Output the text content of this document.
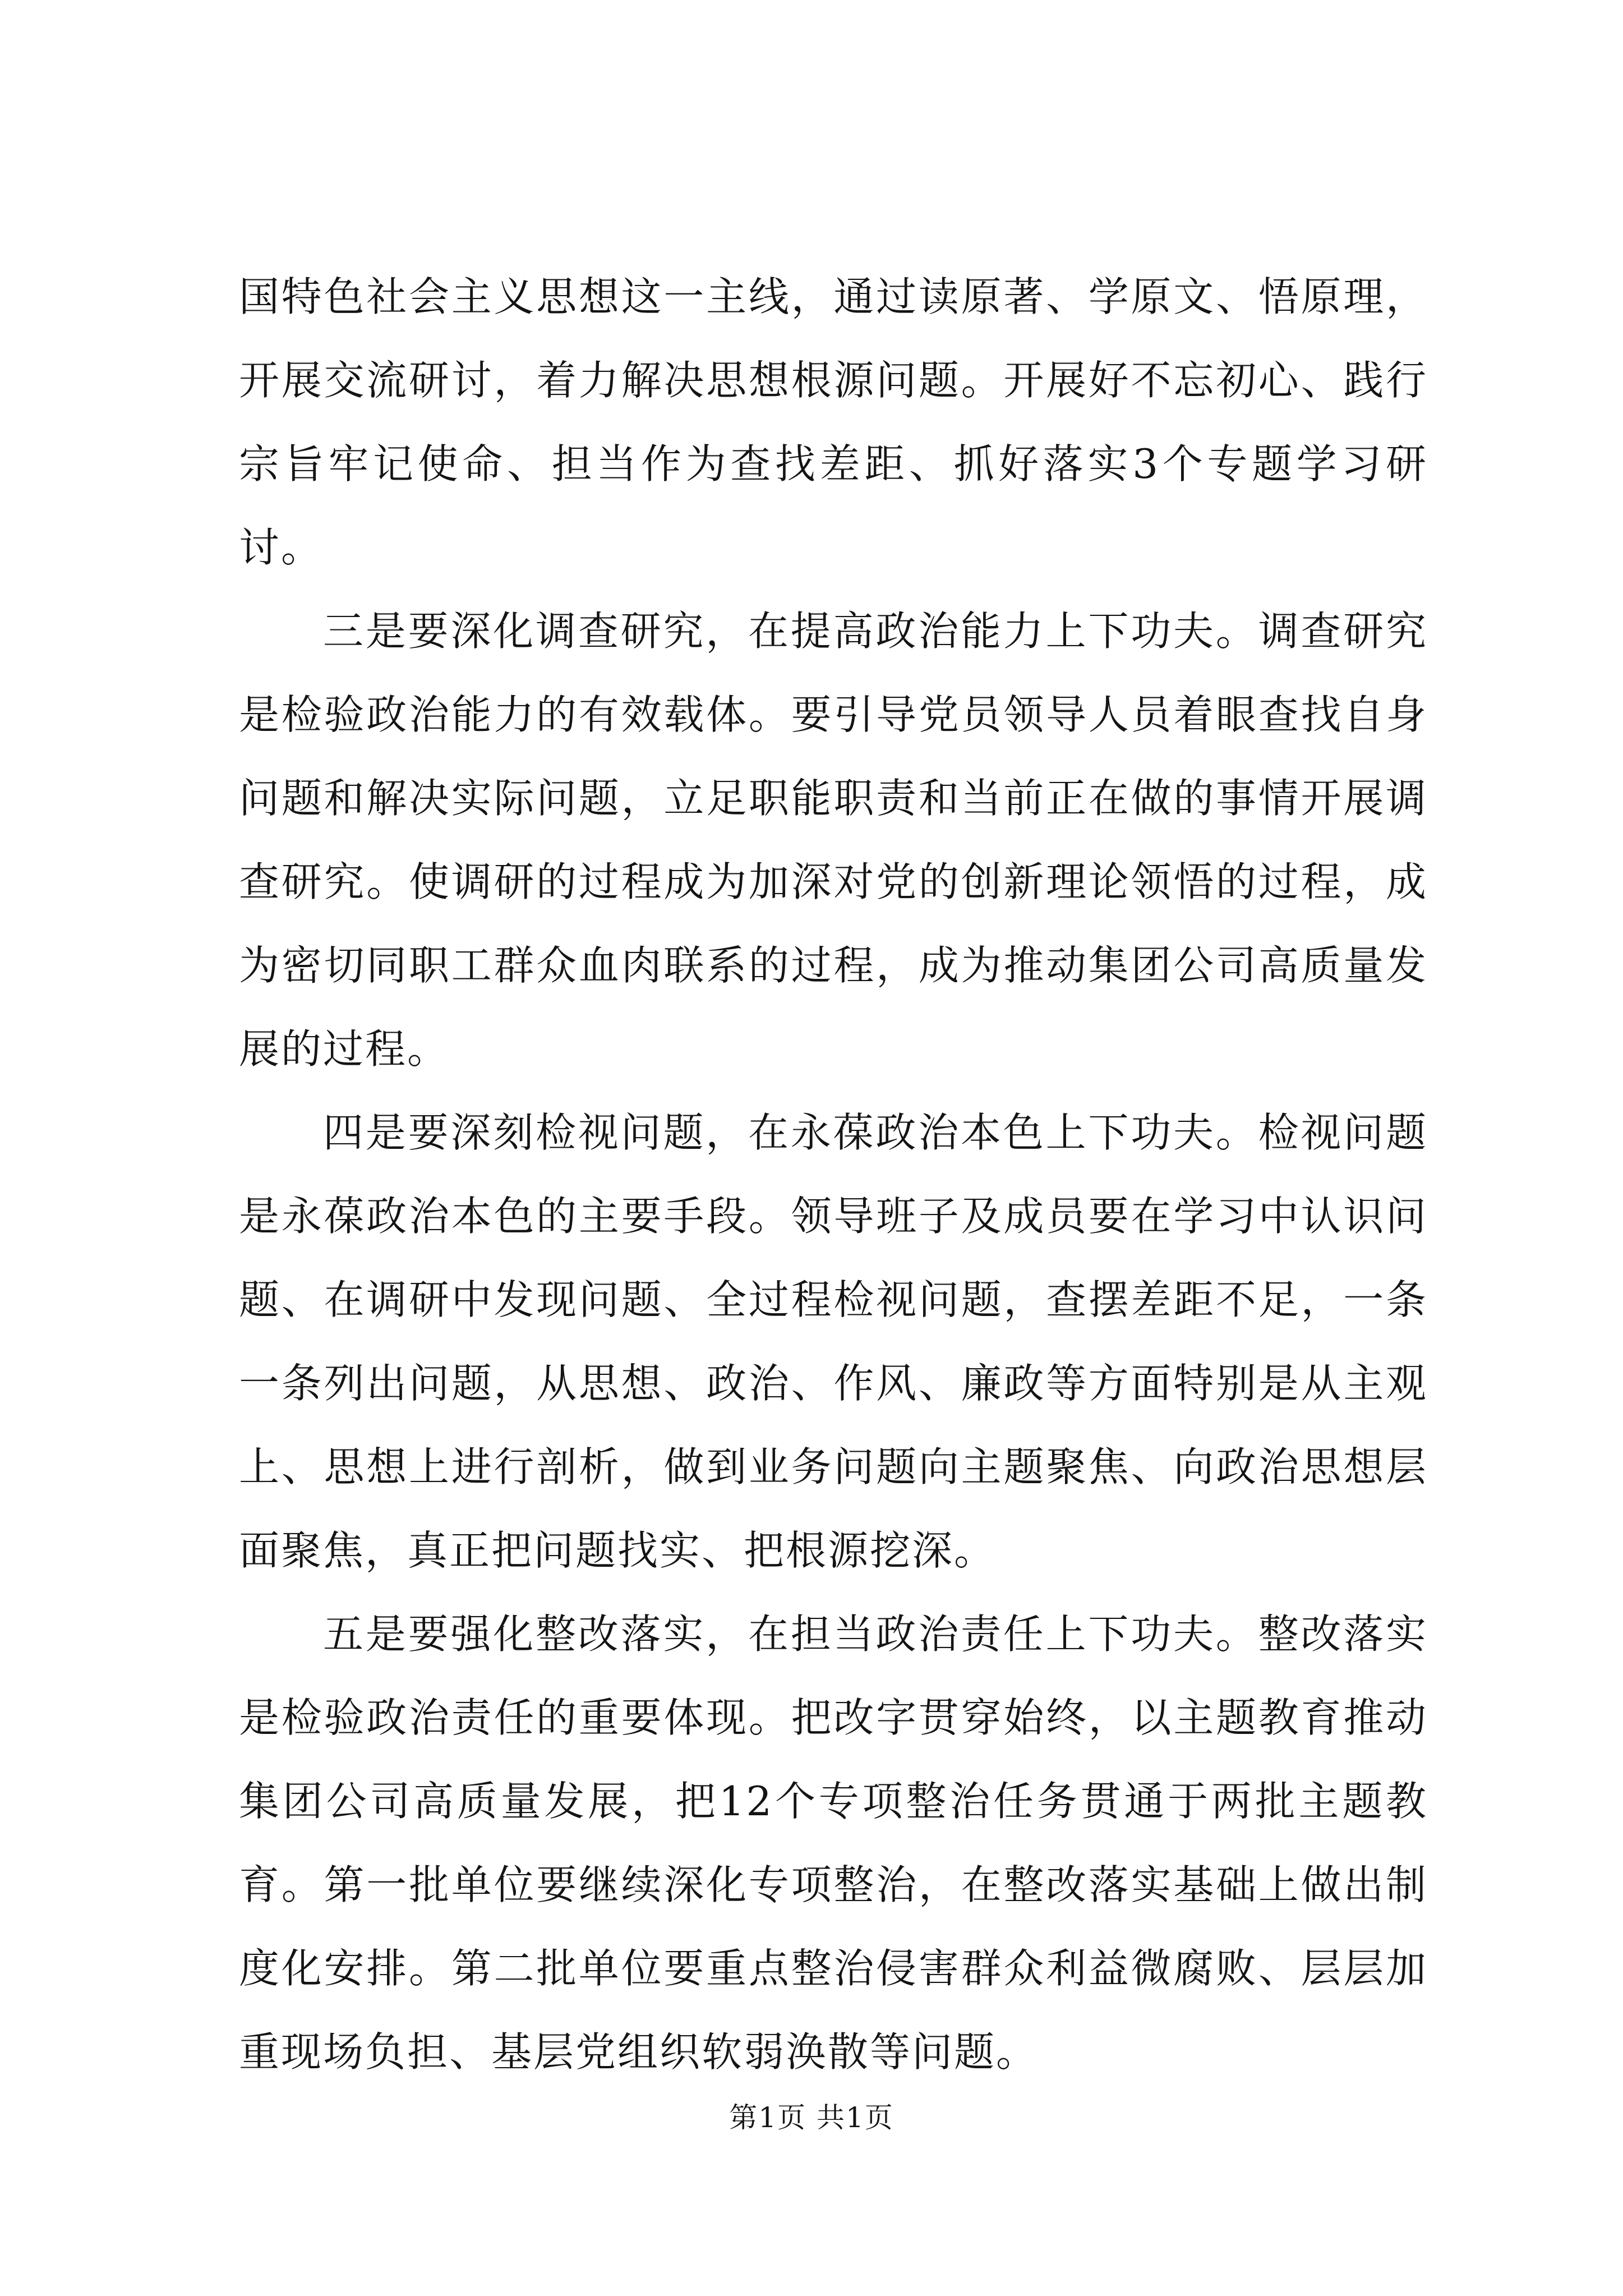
国特色社会主义思想这一主线，通过读原著、学原文、悟原理，开展交流研讨，着力解决思想根源问题。开展好不忘初心、践行宗旨牢记使命、担当作为查找差距、抓好落实3个专题学习研讨。

三是要深化调查研究，在提高政治能力上下功夫。调查研究是检验政治能力的有效载体。要引导党员领导人员着眼查找自身问题和解决实际问题，立足职能职责和当前正在做的事情开展调查研究。使调研的过程成为加深对党的创新理论领悟的过程，成为密切同职工群众血肉联系的过程，成为推动集团公司高质量发展的过程。

四是要深刻检视问题，在永葆政治本色上下功夫。检视问题是永葆政治本色的主要手段。领导班子及成员要在学习中认识问题、在调研中发现问题、全过程检视问题，查摆差距不足，一条一条列出问题，从思想、政治、作风、廉政等方面特别是从主观上、思想上进行剖析，做到业务问题向主题聚焦、向政治思想层面聚焦，真正把问题找实、把根源挖深。

五是要强化整改落实，在担当政治责任上下功夫。整改落实是检验政治责任的重要体现。把改字贯穿始终，以主题教育推动集团公司高质量发展，把12个专项整治任务贯通于两批主题教育。第一批单位要继续深化专项整治，在整改落实基础上做出制度化安排。第二批单位要重点整治侵害群众利益微腐败、层层加重现场负担、基层党组织软弱涣散等问题。

第1页 共1页
